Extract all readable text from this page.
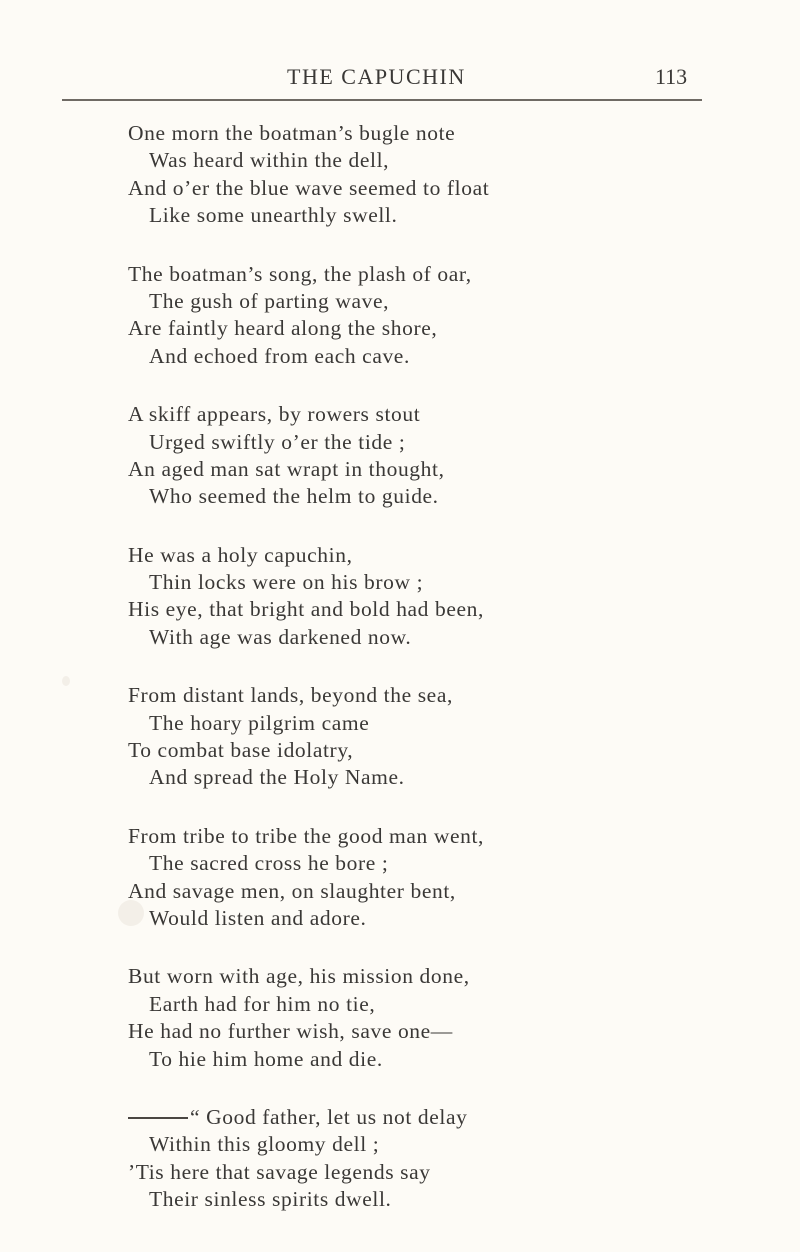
THE CAPUCHIN	113
One morn the boatman’s bugle note
Was heard within the dell,
And o’er the blue wave seemed to float
Like some unearthly swell.
The boatman’s song, the plash of oar,
The gush of parting wave,
Are faintly heard along the shore,
And echoed from each cave.
A skiff appears, by rowers stout
Urged swiftly o’er the tide ;
An aged man sat wrapt in thought,
Who seemed the helm to guide.
He was a holy capuchin,
Thin locks were on his brow ;
His eye, that bright and bold had been,
With age was darkened now.
From distant lands, beyond the sea,
The hoary pilgrim came
To combat base idolatry,
And spread the Holy Name.
From tribe to tribe the good man went,
The sacred cross he bore ;
And savage men, on slaughter bent,
Would listen and adore.
But worn with age, his mission done,
Earth had for him no tie,
He had no further wish, save one—
To hie him home and die.
“ Good father, let us not delay
Within this gloomy dell ;
’Tis here that savage legends say
Their sinless spirits dwell.
